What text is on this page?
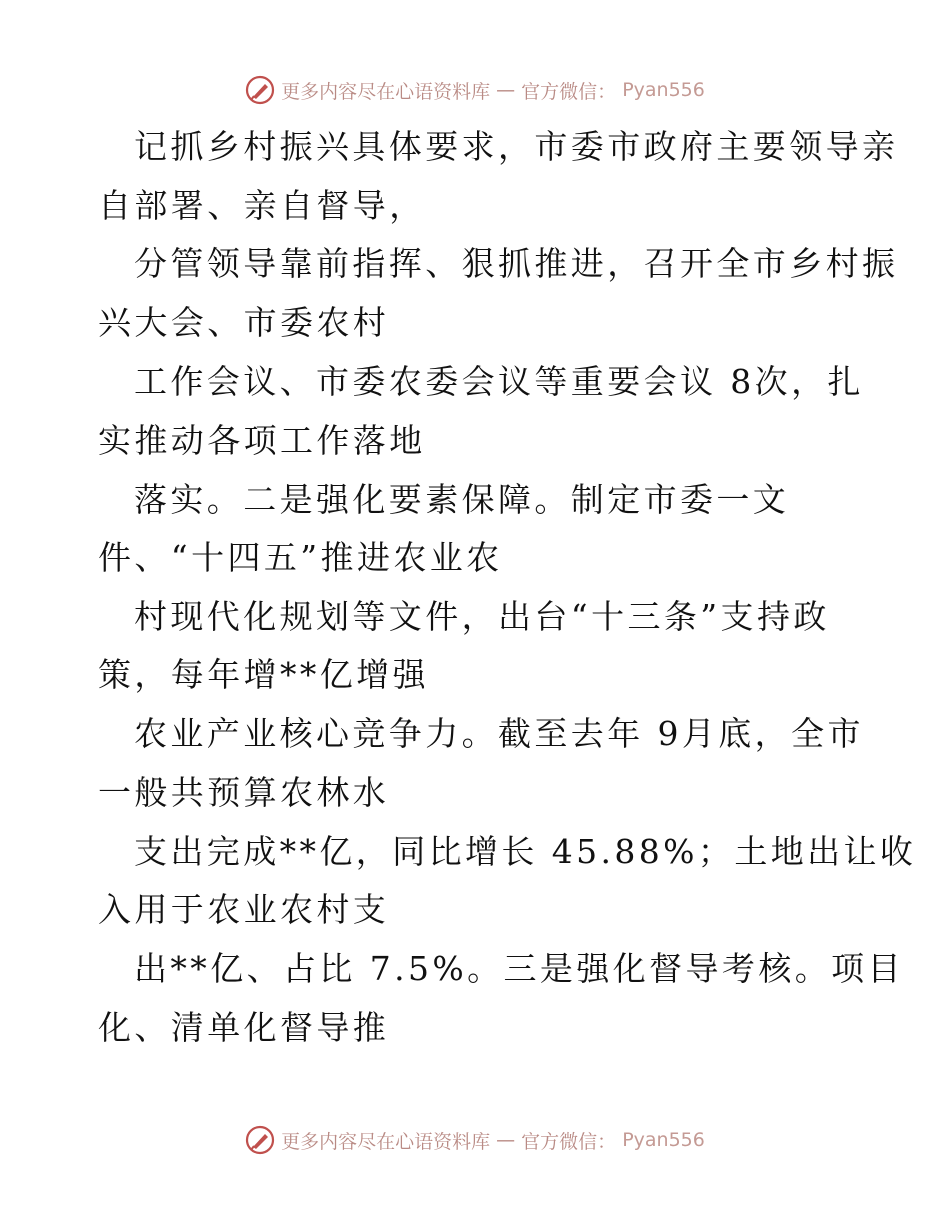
更多内容尽在心语资料库 — 官方微信： Pyan556
记抓乡村振兴具体要求，市委市政府主要领导亲
自部署、亲自督导，
分管领导靠前指挥、狠抓推进，召开全市乡村振
兴大会、市委农村
工作会议、市委农委会议等重要会议 8次，扎
实推动各项工作落地
落实。二是强化要素保障。制定市委一文
件、“十四五”推进农业农
村现代化规划等文件，出台“十三条”支持政
策，每年增**亿增强
农业产业核心竞争力。截至去年 9月底，全市
一般共预算农林水
支出完成**亿，同比增长 45.88%；土地出让收
入用于农业农村支
出**亿、占比 7.5%。三是强化督导考核。项目
化、清单化督导推
更多内容尽在心语资料库 — 官方微信： Pyan556
